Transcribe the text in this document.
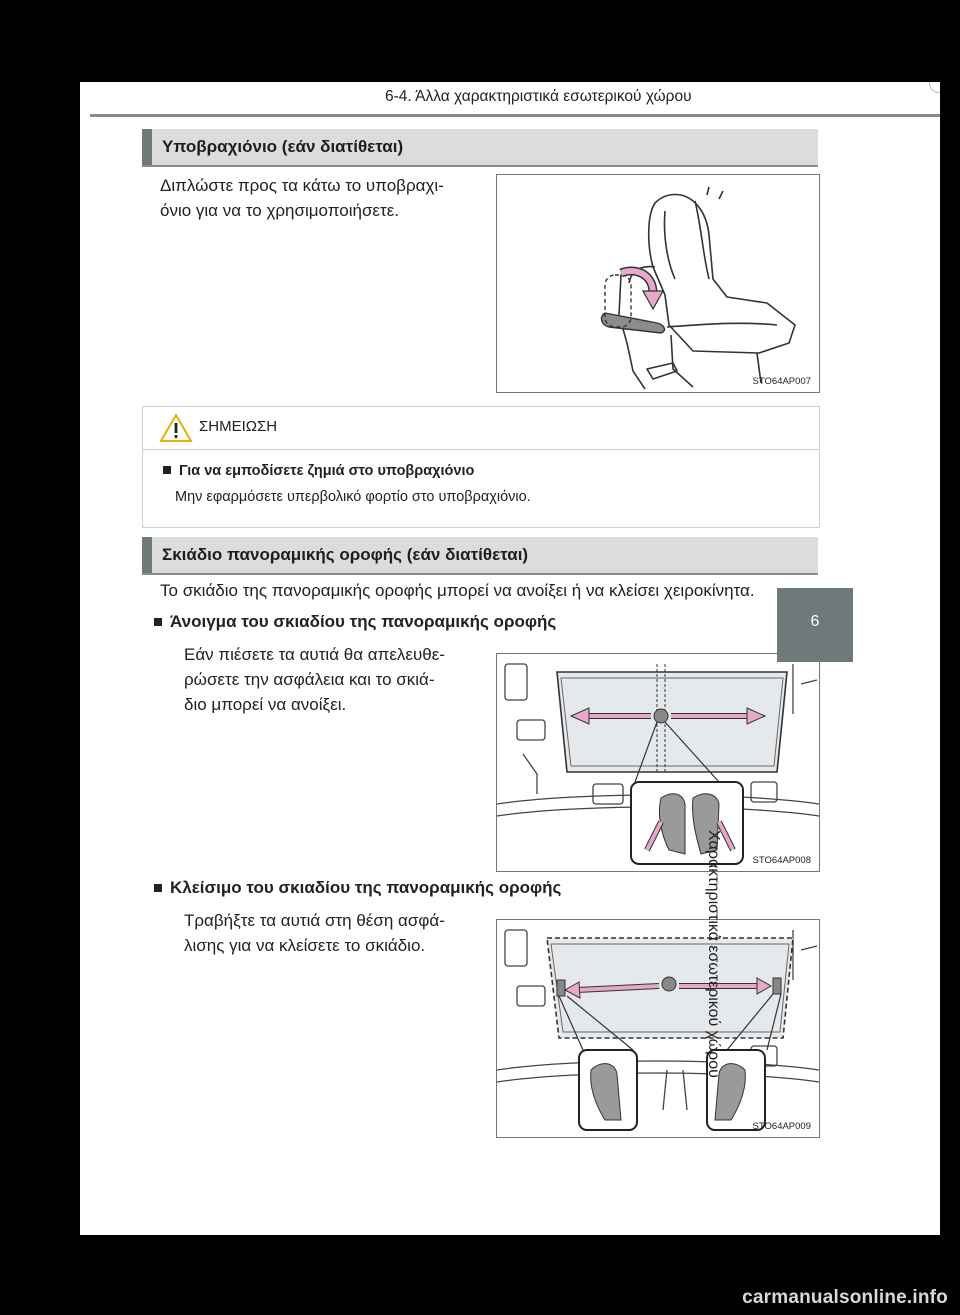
6-4. Άλλα χαρακτηριστικά εσωτερικού χώρου
Υποβραχιόνιο (εάν διατίθεται)
Διπλώστε προς τα κάτω το υποβραχι-
όνιο για να το χρησιμοποιήσετε.
STO64AP007
ΣΗΜΕΙΩΣΗ
Για να εμποδίσετε ζημιά στο υποβραχιόνιο
Μην εφαρμόσετε υπερβολικό φορτίο στο υποβραχιόνιο.
Σκιάδιο πανοραμικής οροφής (εάν διατίθεται)
Το σκιάδιο της πανοραμικής οροφής μπορεί να ανοίξει ή να κλείσει χειροκίνητα.
Άνοιγμα του σκιαδίου της πανοραμικής οροφής
Εάν πιέσετε τα αυτιά θα απελευθε-
ρώσετε την ασφάλεια και το σκιά-
διο μπορεί να ανοίξει.
STO64AP008
Κλείσιμο του σκιαδίου της πανοραμικής οροφής
Τραβήξτε τα αυτιά στη θέση ασφά-
λισης για να κλείσετε το σκιάδιο.
STO64AP009
6
Χαρακτηριστικά εσωτερικού χώρου
carmanualsonline.info
